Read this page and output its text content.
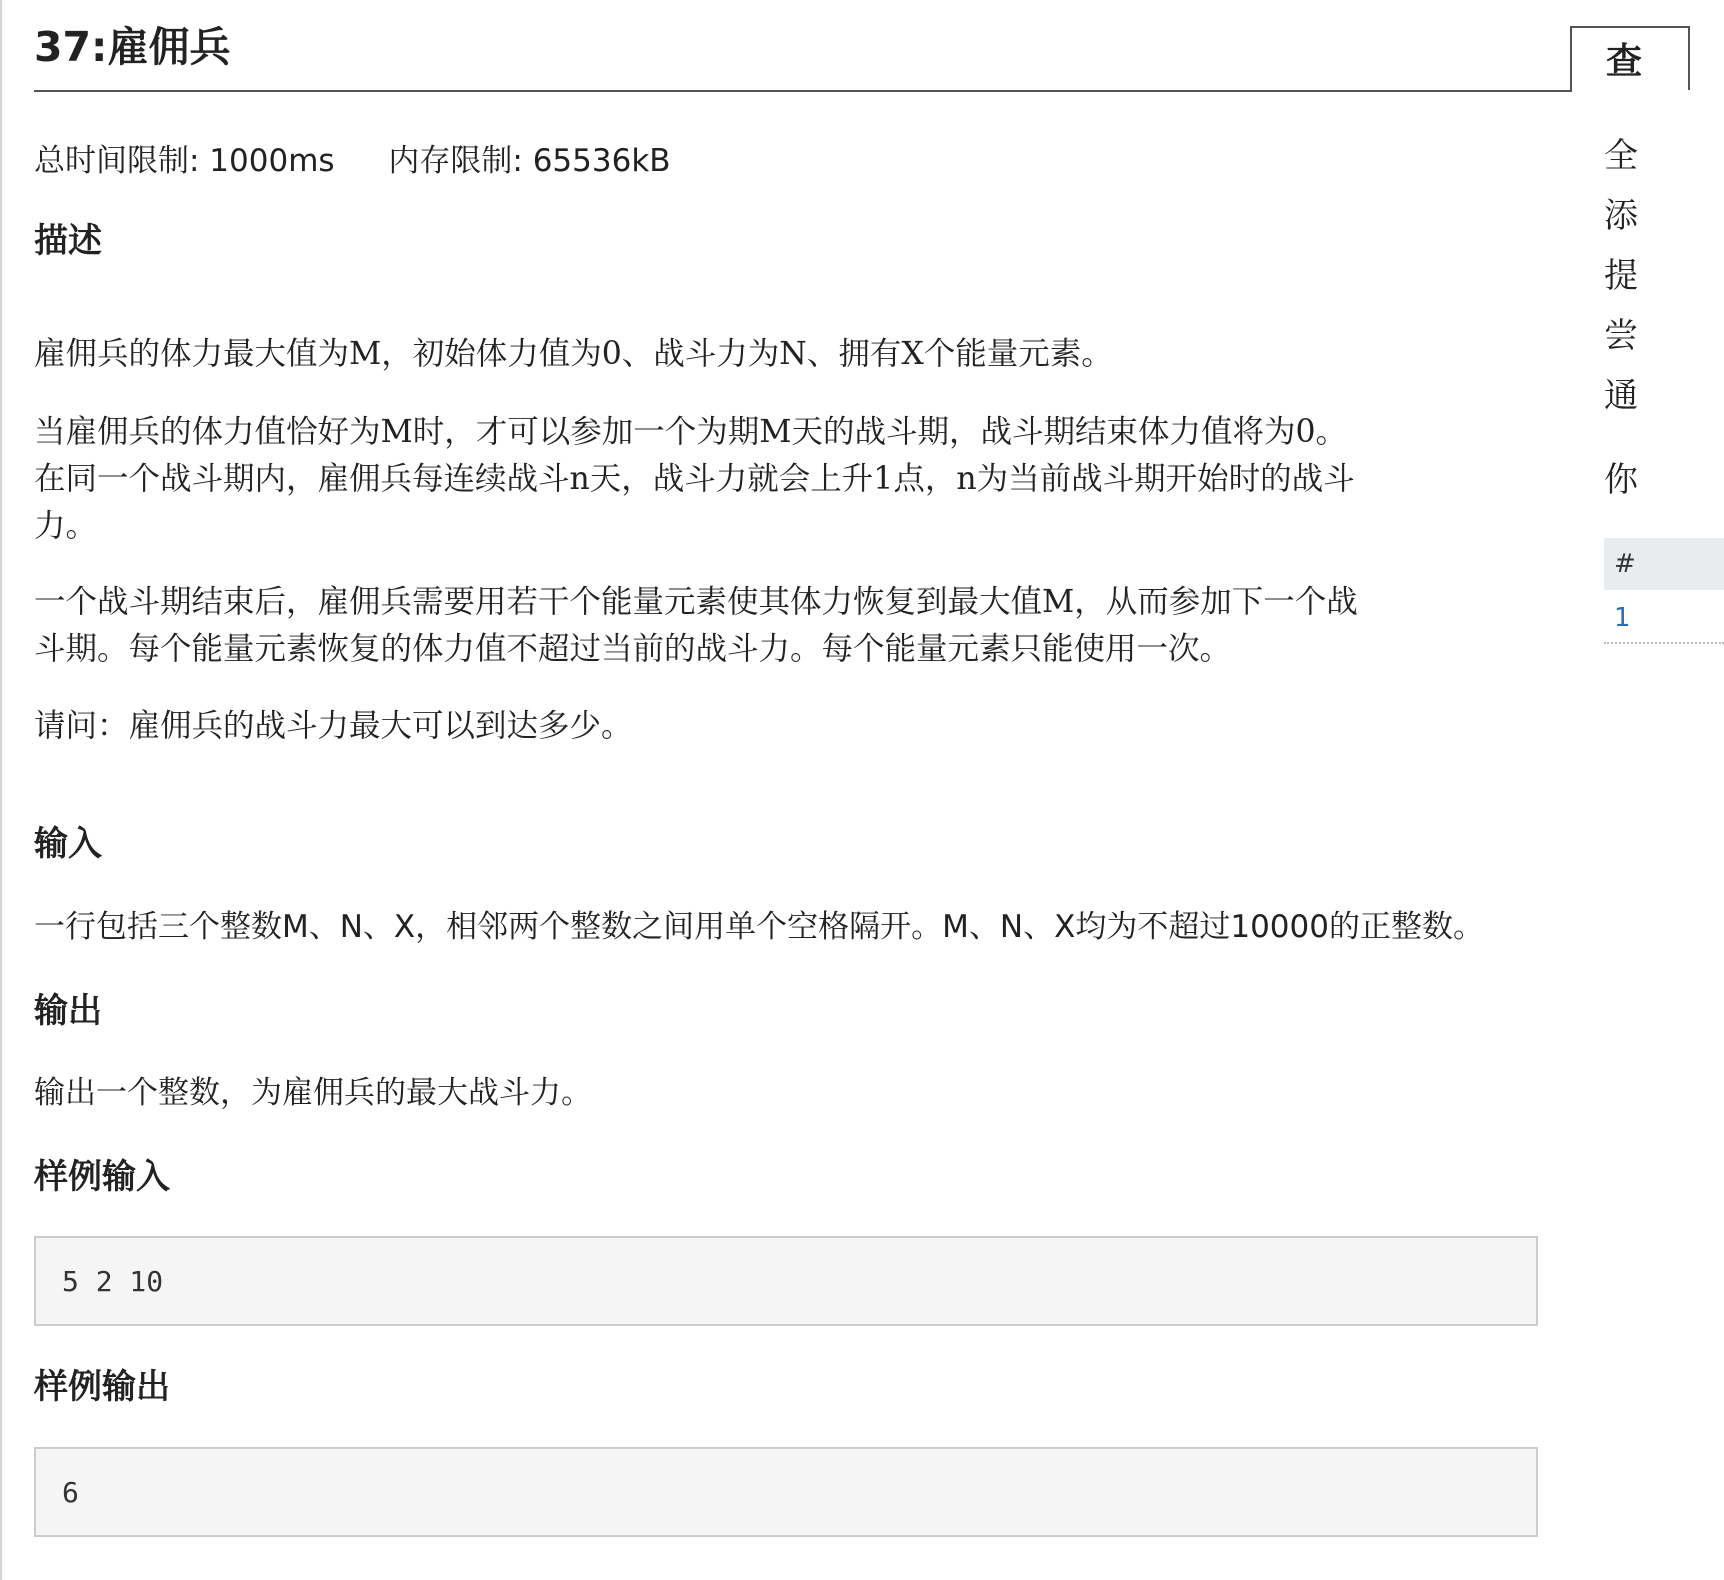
37:雇佣兵
总时间限制: 1000ms 内存限制: 65536kB
描述
雇佣兵的体力最大值为M，初始体力值为0、战斗力为N、拥有X个能量元素。
当雇佣兵的体力值恰好为M时，才可以参加一个为期M天的战斗期，战斗期结束体力值将为0。
在同一个战斗期内，雇佣兵每连续战斗n天，战斗力就会上升1点，n为当前战斗期开始时的战斗
力。
一个战斗期结束后，雇佣兵需要用若干个能量元素使其体力恢复到最大值M，从而参加下一个战
斗期。每个能量元素恢复的体力值不超过当前的战斗力。每个能量元素只能使用一次。
请问：雇佣兵的战斗力最大可以到达多少。
输入

一行包括三个整数M、N、X，相邻两个整数之间用单个空格隔开。M、N、X均为不超过10000的正整数。

输出

输出一个整数，为雇佣兵的最大战斗力。

样例输入
5 2 10
样例输出
6
查
全
添
提
尝
通
你
#
1
